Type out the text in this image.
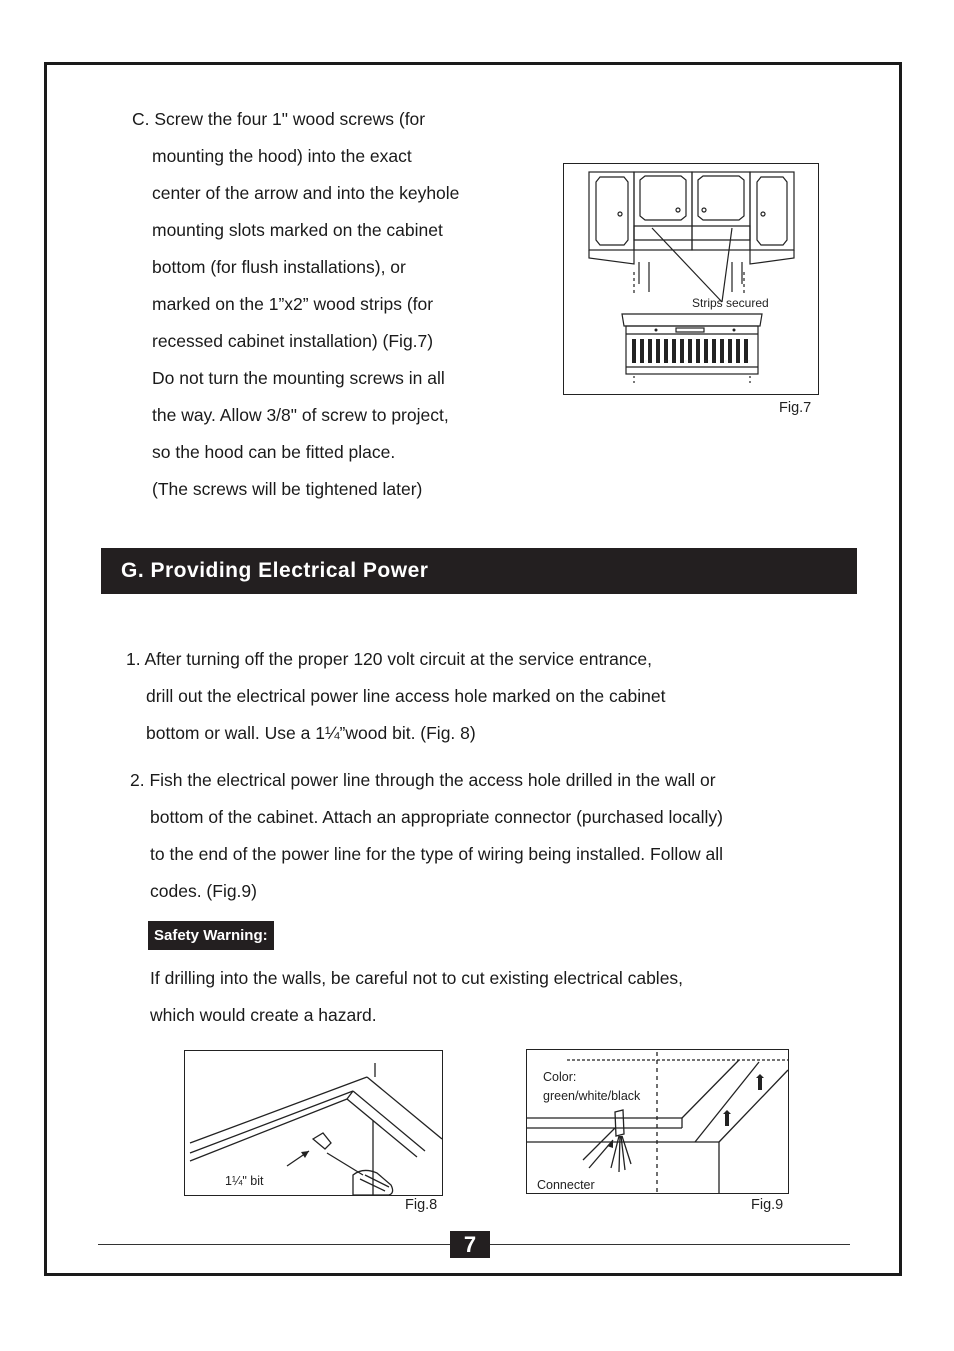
C. Screw the four 1" wood screws (for
mounting the hood) into the exact
center of the arrow and into the keyhole
mounting slots marked on the cabinet
bottom (for flush installations), or
marked on the 1”x2” wood strips (for
recessed cabinet installation) (Fig.7)
Do not turn the mounting screws in all
the way. Allow 3/8" of screw to project,
so the hood can be fitted place.
(The screws will be tightened later)
Strips secured
Fig.7
G. Providing Electrical Power
1. After turning off the proper 120 volt circuit at the service entrance,
drill out the electrical power line access hole marked on the cabinet
bottom or wall. Use a 1¼”wood bit. (Fig. 8)
2. Fish the electrical power line through the access hole drilled in the wall or
bottom of the cabinet. Attach an appropriate connector (purchased locally)
to the end of the power line for the type of wiring being installed. Follow all
codes. (Fig.9)
Safety Warning:
If drilling into the walls, be careful not to cut existing electrical cables,
which would create a hazard.
1¼" bit
Fig.8
Color:
green/white/black
Connecter
Fig.9
7
